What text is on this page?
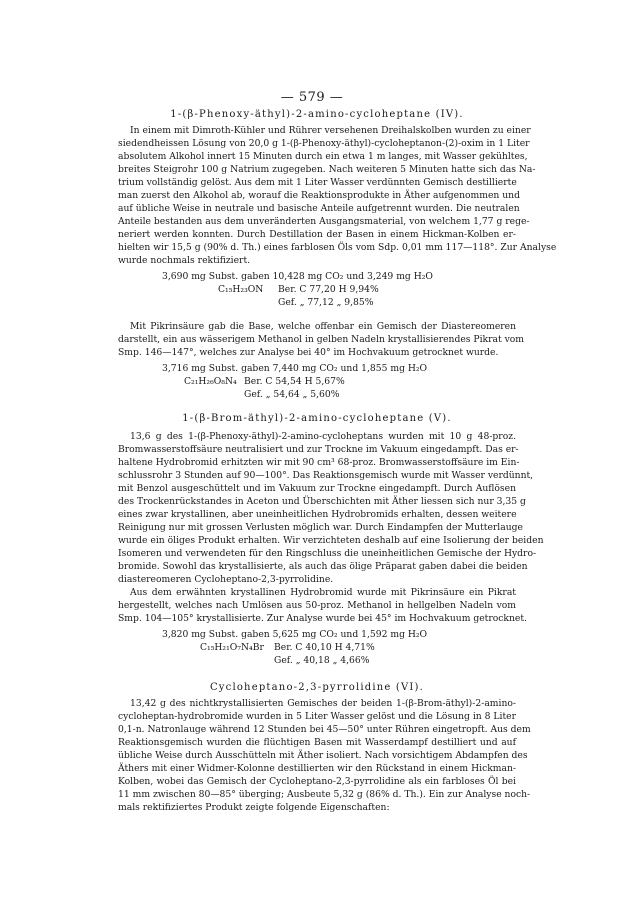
— 579 —
1-(β-Phenoxy-äthyl)-2-amino-cycloheptane (IV).
In einem mit Dimroth-Kühler und Rührer versehenen Dreihalskolben wurden zu einer
siedendheissen Lösung von 20,0 g 1-(β-Phenoxy-äthyl)-cycloheptanon-(2)-oxim in 1 Liter
absolutem Alkohol innert 15 Minuten durch ein etwa 1 m langes, mit Wasser gekühltes,
breites Steigrohr 100 g Natrium zugegeben. Nach weiteren 5 Minuten hatte sich das Na-
trium vollständig gelöst. Aus dem mit 1 Liter Wasser verdünnten Gemisch destillierte
man zuerst den Alkohol ab, worauf die Reaktionsprodukte in Äther aufgenommen und
auf übliche Weise in neutrale und basische Anteile aufgetrennt wurden. Die neutralen
Anteile bestanden aus dem unveränderten Ausgangsmaterial, von welchem 1,77 g rege-
neriert werden konnten. Durch Destillation der Basen in einem Hickman-Kolben er-
hielten wir 15,5 g (90% d. Th.) eines farblosen Öls vom Sdp. 0,01 mm 117—118°. Zur Analyse
wurde nochmals rektifiziert.
3,690 mg Subst. gaben 10,428 mg CO₂ und 3,249 mg H₂O
C₁₅H₂₃ON Ber. C 77,20 H 9,94%
Gef. „ 77,12 „ 9,85%
Mit Pikrinsäure gab die Base, welche offenbar ein Gemisch der Diastereomeren
darstellt, ein aus wässerigem Methanol in gelben Nadeln krystallisierendes Pikrat vom
Smp. 146—147°, welches zur Analyse bei 40° im Hochvakuum getrocknet wurde.
3,716 mg Subst. gaben 7,440 mg CO₂ und 1,855 mg H₂O
C₂₁H₂₆O₈N₄ Ber. C 54,54 H 5,67%
Gef. „ 54,64 „ 5,60%
1-(β-Brom-äthyl)-2-amino-cycloheptane (V).
13,6 g des 1-(β-Phenoxy-äthyl)-2-amino-cycloheptans wurden mit 10 g 48-proz.
Bromwasserstoffsäure neutralisiert und zur Trockne im Vakuum eingedampft. Das er-
haltene Hydrobromid erhitzten wir mit 90 cm³ 68-proz. Bromwasserstoffsäure im Ein-
schlussrohr 3 Stunden auf 90—100°. Das Reaktionsgemisch wurde mit Wasser verdünnt,
mit Benzol ausgeschüttelt und im Vakuum zur Trockne eingedampft. Durch Auflösen
des Trockenrückstandes in Aceton und Überschichten mit Äther liessen sich nur 3,35 g
eines zwar krystallinen, aber uneinheitlichen Hydrobromids erhalten, dessen weitere
Reinigung nur mit grossen Verlusten möglich war. Durch Eindampfen der Mutterlauge
wurde ein öliges Produkt erhalten. Wir verzichteten deshalb auf eine Isolierung der beiden
Isomeren und verwendeten für den Ringschluss die uneinheitlichen Gemische der Hydro-
bromide. Sowohl das krystallisierte, als auch das ölige Präparat gaben dabei die beiden
diastereomeren Cycloheptano-2,3-pyrrolidine.
Aus dem erwähnten krystallinen Hydrobromid wurde mit Pikrinsäure ein Pikrat
hergestellt, welches nach Umlösen aus 50-proz. Methanol in hellgelben Nadeln vom
Smp. 104—105° krystallisierte. Zur Analyse wurde bei 45° im Hochvakuum getrocknet.
3,820 mg Subst. gaben 5,625 mg CO₂ und 1,592 mg H₂O
C₁₅H₂₁O₇N₄Br Ber. C 40,10 H 4,71%
Gef. „ 40,18 „ 4,66%
Cycloheptano-2,3-pyrrolidine (VI).
13,42 g des nichtkrystallisierten Gemisches der beiden 1-(β-Brom-äthyl)-2-amino-
cycloheptan-hydrobromide wurden in 5 Liter Wasser gelöst und die Lösung in 8 Liter
0,1-n. Natronlauge während 12 Stunden bei 45—50° unter Rühren eingetropft. Aus dem
Reaktionsgemisch wurden die flüchtigen Basen mit Wasserdampf destilliert und auf
übliche Weise durch Ausschütteln mit Äther isoliert. Nach vorsichtigem Abdampfen des
Äthers mit einer Widmer-Kolonne destillierten wir den Rückstand in einem Hickman-
Kolben, wobei das Gemisch der Cycloheptano-2,3-pyrrolidine als ein farbloses Öl bei
11 mm zwischen 80—85° überging; Ausbeute 5,32 g (86% d. Th.). Ein zur Analyse noch-
mals rektifiziertes Produkt zeigte folgende Eigenschaften:
